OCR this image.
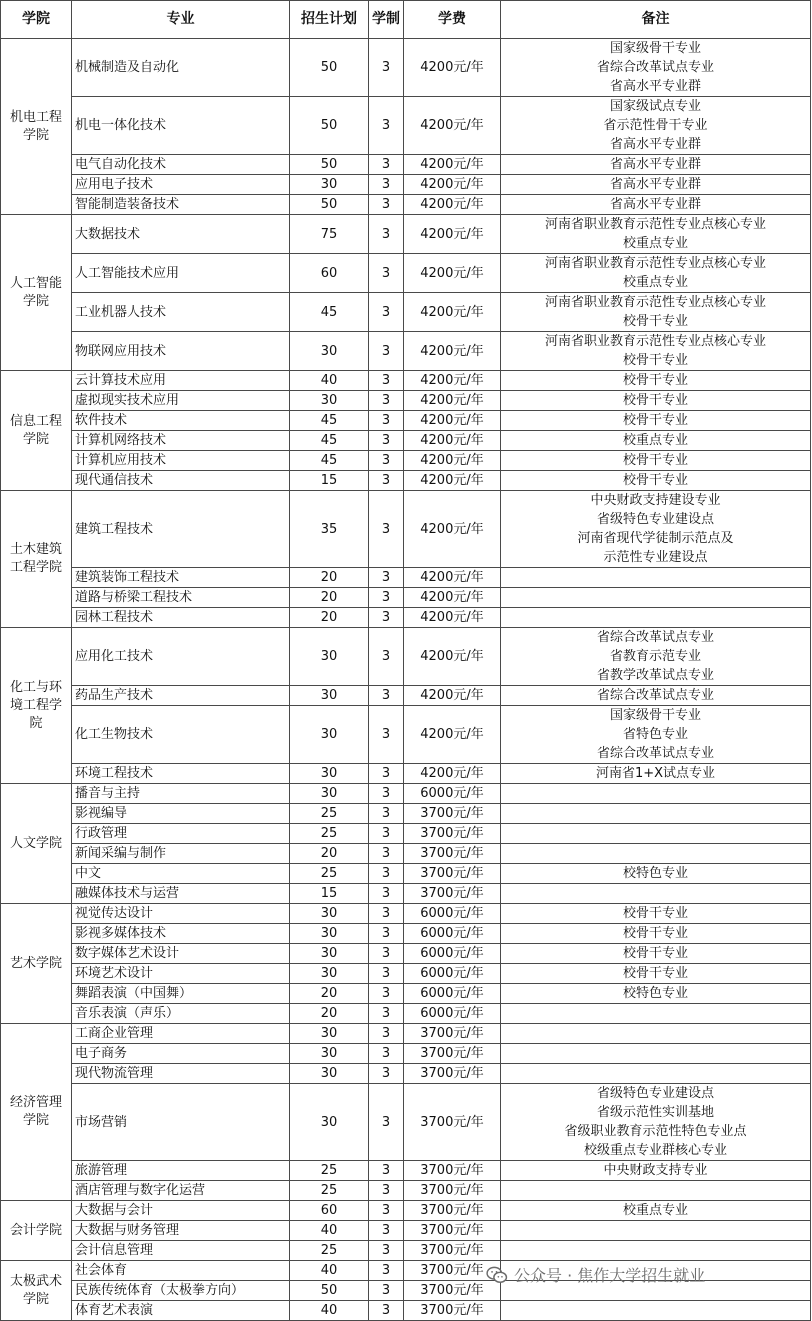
学院	专业	招生计划	学制	学费	备注
机电工程学院	机械制造及自动化	50	3	4200元/年	国家级骨干专业
省综合改革试点专业
省高水平专业群

	机电一体化技术	50	3	4200元/年	国家级试点专业
省示范性骨干专业
省高水平专业群

	电气自动化技术	50	3	4200元/年	省高水平专业群

	应用电子技术	30	3	4200元/年	省高水平专业群

	智能制造装备技术	50	3	4200元/年	省高水平专业群

人工智能学院	大数据技术	75	3	4200元/年	河南省职业教育示范性专业点核心专业
校重点专业

	人工智能技术应用	60	3	4200元/年	河南省职业教育示范性专业点核心专业
校重点专业

	工业机器人技术	45	3	4200元/年	河南省职业教育示范性专业点核心专业
校骨干专业

	物联网应用技术	30	3	4200元/年	河南省职业教育示范性专业点核心专业
校骨干专业

信息工程学院	云计算技术应用	40	3	4200元/年	校骨干专业

	虚拟现实技术应用	30	3	4200元/年	校骨干专业

	软件技术	45	3	4200元/年	校骨干专业

	计算机网络技术	45	3	4200元/年	校重点专业

	计算机应用技术	45	3	4200元/年	校骨干专业

	现代通信技术	15	3	4200元/年	校骨干专业

土木建筑工程学院	建筑工程技术	35	3	4200元/年	中央财政支持建设专业
省级特色专业建设点
河南省现代学徒制示范点及
示范性专业建设点

	建筑装饰工程技术	20	3	4200元/年	
	道路与桥梁工程技术	20	3	4200元/年	
	园林工程技术	20	3	4200元/年	
化工与环境工程学院	应用化工技术	30	3	4200元/年	省综合改革试点专业
省教育示范专业
省教学改革试点专业

	药品生产技术	30	3	4200元/年	省综合改革试点专业

	化工生物技术	30	3	4200元/年	国家级骨干专业
省特色专业
省综合改革试点专业

	环境工程技术	30	3	4200元/年	河南省1+X试点专业

人文学院	播音与主持	30	3	6000元/年	
	影视编导	25	3	3700元/年	
	行政管理	25	3	3700元/年	
	新闻采编与制作	20	3	3700元/年	
	中文	25	3	3700元/年	校特色专业

	融媒体技术与运营	15	3	3700元/年	
艺术学院	视觉传达设计	30	3	6000元/年	校骨干专业

	影视多媒体技术	30	3	6000元/年	校骨干专业

	数字媒体艺术设计	30	3	6000元/年	校骨干专业

	环境艺术设计	30	3	6000元/年	校骨干专业

	舞蹈表演（中国舞）	20	3	6000元/年	校特色专业

	音乐表演（声乐）	20	3	6000元/年	
经济管理学院	工商企业管理	30	3	3700元/年	
	电子商务	30	3	3700元/年	
	现代物流管理	30	3	3700元/年	
	市场营销	30	3	3700元/年	省级特色专业建设点
省级示范性实训基地
省级职业教育示范性特色专业点
校级重点专业群核心专业

	旅游管理	25	3	3700元/年	中央财政支持专业

	酒店管理与数字化运营	25	3	3700元/年	
会计学院	大数据与会计	60	3	3700元/年	校重点专业

	大数据与财务管理	40	3	3700元/年	
	会计信息管理	25	3	3700元/年	
太极武术学院	社会体育	40	3	3700元/年	
	民族传统体育（太极拳方向）	50	3	3700元/年	
	体育艺术表演	40	3	3700元/年	
公众号 · 焦作大学招生就业
